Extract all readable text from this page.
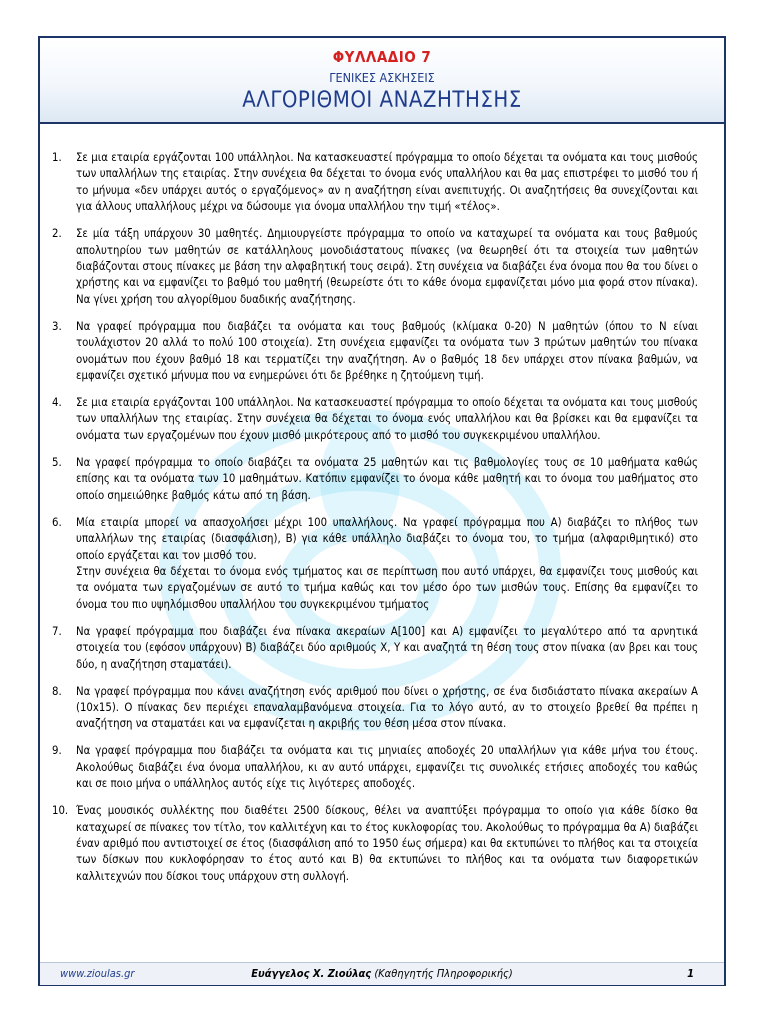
ΦΥΛΛΑΔΙΟ 7
ΓΕΝΙΚΕΣ ΑΣΚΗΣΕΙΣ
ΑΛΓΟΡΙΘΜΟΙ ΑΝΑΖΗΤΗΣΗΣ
1. Σε μια εταιρία εργάζονται 100 υπάλληλοι. Να κατασκευαστεί πρόγραμμα το οποίο δέχεται τα ονόματα και τους μισθούς των υπαλλήλων της εταιρίας. Στην συνέχεια θα δέχεται το όνομα ενός υπαλλήλου και θα μας επιστρέφει το μισθό του ή το μήνυμα «δεν υπάρχει αυτός ο εργαζόμενος» αν η αναζήτηση είναι ανεπιτυχής. Οι αναζητήσεις θα συνεχίζονται και για άλλους υπαλλήλους μέχρι να δώσουμε για όνομα υπαλλήλου την τιμή «τέλος».
2. Σε μία τάξη υπάρχουν 30 μαθητές. Δημιουργείστε πρόγραμμα το οποίο να καταχωρεί τα ονόματα και τους βαθμούς απολυτηρίου των μαθητών σε κατάλληλους μονοδιάστατους πίνακες (να θεωρηθεί ότι τα στοιχεία των μαθητών διαβάζονται στους πίνακες με βάση την αλφαβητική τους σειρά). Στη συνέχεια να διαβάζει ένα όνομα που θα του δίνει ο χρήστης και να εμφανίζει το βαθμό του μαθητή (θεωρείστε ότι το κάθε όνομα εμφανίζεται μόνο μια φορά στον πίνακα). Να γίνει χρήση του αλγορίθμου δυαδικής αναζήτησης.
3. Να γραφεί πρόγραμμα που διαβάζει τα ονόματα και τους βαθμούς (κλίμακα 0-20) Ν μαθητών (όπου το Ν είναι τουλάχιστον 20 αλλά το πολύ 100 στοιχεία). Στη συνέχεια εμφανίζει τα ονόματα των 3 πρώτων μαθητών του πίνακα ονομάτων που έχουν βαθμό 18 και τερματίζει την αναζήτηση. Αν ο βαθμός 18 δεν υπάρχει στον πίνακα βαθμών, να εμφανίζει σχετικό μήνυμα που να ενημερώνει ότι δε βρέθηκε η ζητούμενη τιμή.
4. Σε μια εταιρία εργάζονται 100 υπάλληλοι. Να κατασκευαστεί πρόγραμμα το οποίο δέχεται τα ονόματα και τους μισθούς των υπαλλήλων της εταιρίας. Στην συνέχεια θα δέχεται το όνομα ενός υπαλλήλου και θα βρίσκει και θα εμφανίζει τα ονόματα των εργαζομένων που έχουν μισθό μικρότερους από το μισθό του συγκεκριμένου υπαλλήλου.
5. Να γραφεί πρόγραμμα το οποίο διαβάζει τα ονόματα 25 μαθητών και τις βαθμολογίες τους σε 10 μαθήματα καθώς επίσης και τα ονόματα των 10 μαθημάτων. Κατόπιν εμφανίζει το όνομα κάθε μαθητή και το όνομα του μαθήματος στο οποίο σημειώθηκε βαθμός κάτω από τη βάση.
6. Μία εταιρία μπορεί να απασχολήσει μέχρι 100 υπαλλήλους. Να γραφεί πρόγραμμα που Α) διαβάζει το πλήθος των υπαλλήλων της εταιρίας (διασφάλιση), Β) για κάθε υπάλληλο διαβάζει το όνομα του, το τμήμα (αλφαριθμητικό) στο οποίο εργάζεται και τον μισθό του.
Στην συνέχεια θα δέχεται το όνομα ενός τμήματος και σε περίπτωση που αυτό υπάρχει, θα εμφανίζει τους μισθούς και τα ονόματα των εργαζομένων σε αυτό το τμήμα καθώς και τον μέσο όρο των μισθών τους. Επίσης θα εμφανίζει το όνομα του πιο υψηλόμισθου υπαλλήλου του συγκεκριμένου τμήματος
7. Να γραφεί πρόγραμμα που διαβάζει ένα πίνακα ακεραίων Α[100] και Α) εμφανίζει το μεγαλύτερο από τα αρνητικά στοιχεία του (εφόσον υπάρχουν) Β) διαβάζει δύο αριθμούς Χ, Υ και αναζητά τη θέση τους στον πίνακα (αν βρει και τους δύο, η αναζήτηση σταματάει).
8. Να γραφεί πρόγραμμα που κάνει αναζήτηση ενός αριθμού που δίνει ο χρήστης, σε ένα δισδιάστατο πίνακα ακεραίων Α (10x15). Ο πίνακας δεν περιέχει επαναλαμβανόμενα στοιχεία. Για το λόγο αυτό, αν το στοιχείο βρεθεί θα πρέπει η αναζήτηση να σταματάει και να εμφανίζεται η ακριβής του θέση μέσα στον πίνακα.
9. Να γραφεί πρόγραμμα που διαβάζει τα ονόματα και τις μηνιαίες αποδοχές 20 υπαλλήλων για κάθε μήνα του έτους. Ακολούθως διαβάζει ένα όνομα υπαλλήλου, κι αν αυτό υπάρχει, εμφανίζει τις συνολικές ετήσιες αποδοχές του καθώς και σε ποιο μήνα ο υπάλληλος αυτός είχε τις λιγότερες αποδοχές.
10. Ένας μουσικός συλλέκτης που διαθέτει 2500 δίσκους, θέλει να αναπτύξει πρόγραμμα το οποίο για κάθε δίσκο θα καταχωρεί σε πίνακες τον τίτλο, τον καλλιτέχνη και το έτος κυκλοφορίας του. Ακολούθως το πρόγραμμα θα Α) διαβάζει έναν αριθμό που αντιστοιχεί σε έτος (διασφάλιση από το 1950 έως σήμερα) και θα εκτυπώνει το πλήθος και τα στοιχεία των δίσκων που κυκλοφόρησαν το έτος αυτό και Β) θα εκτυπώνει το πλήθος και τα ονόματα των διαφορετικών καλλιτεχνών που δίσκοι τους υπάρχουν στη συλλογή.
www.zioulas.gr	Ευάγγελος Χ. Ζιούλας (Καθηγητής Πληροφορικής)	1
